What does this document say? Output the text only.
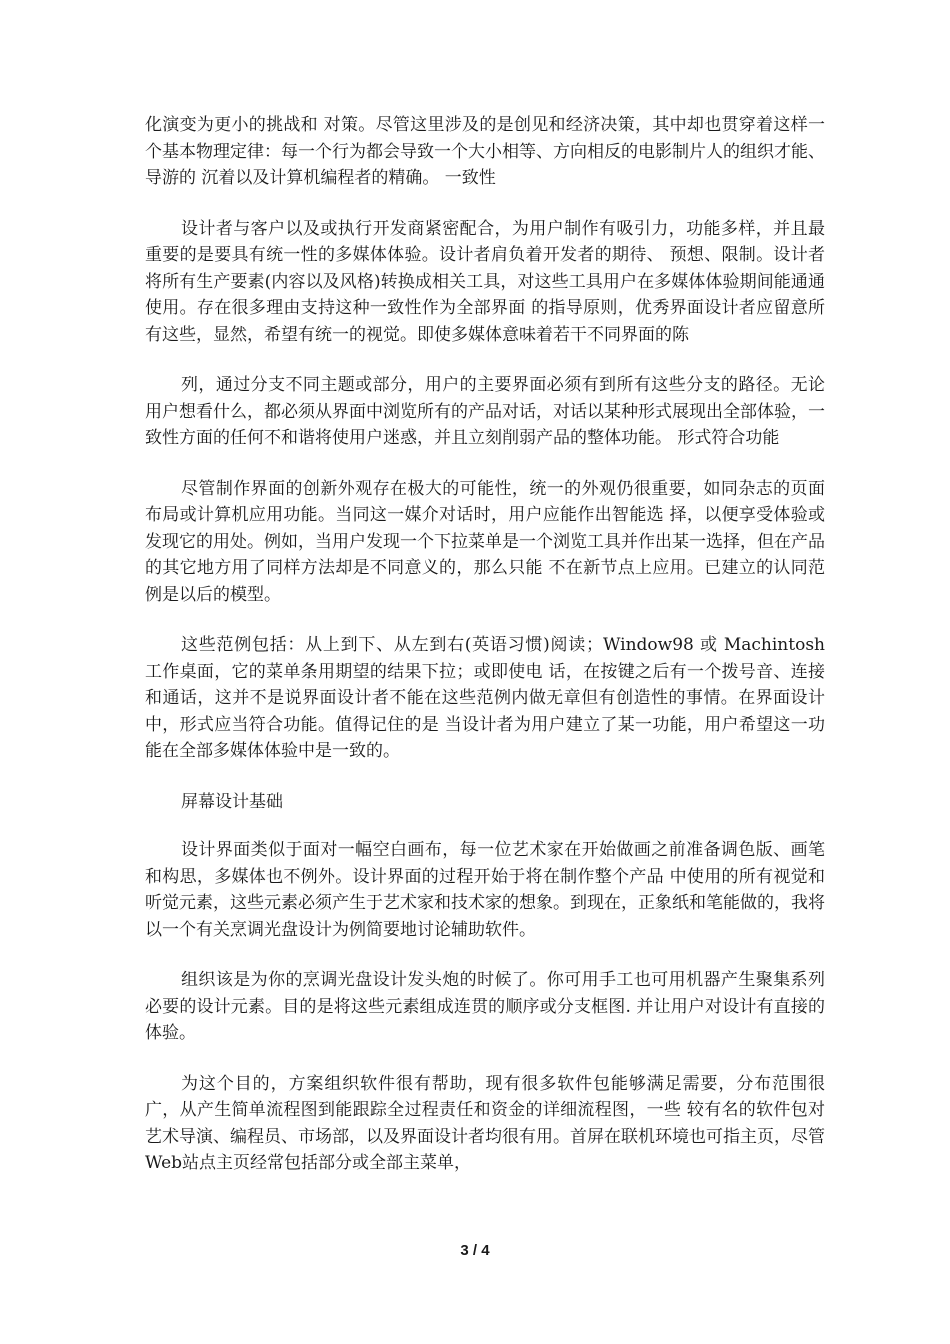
化演变为更小的挑战和 对策。尽管这里涉及的是创见和经济决策，其中却也贯穿着这样一个基本物理定律：每一个行为都会导致一个大小相等、方向相反的电影制片人的组织才能、导游的 沉着以及计算机编程者的精确。 一致性

设计者与客户以及或执行开发商紧密配合，为用户制作有吸引力，功能多样，并且最重要的是要具有统一性的多媒体体验。设计者肩负着开发者的期待、 预想、限制。设计者将所有生产要素(内容以及风格)转换成相关工具，对这些工具用户在多媒体体验期间能通通使用。存在很多理由支持这种一致性作为全部界面 的指导原则，优秀界面设计者应留意所有这些，显然，希望有统一的视觉。即使多媒体意味着若干不同界面的陈

列，通过分支不同主题或部分，用户的主要界面必须有到所有这些分支的路径。无论用户想看什么，都必须从界面中浏览所有的产品对话，对话以某种形式展现出全部体验，一致性方面的任何不和谐将使用户迷惑，并且立刻削弱产品的整体功能。 形式符合功能

尽管制作界面的创新外观存在极大的可能性，统一的外观仍很重要，如同杂志的页面布局或计算机应用功能。当同这一媒介对话时，用户应能作出智能选 择，以便享受体验或发现它的用处。例如，当用户发现一个下拉菜单是一个浏览工具并作出某一选择，但在产品的其它地方用了同样方法却是不同意义的，那么只能 不在新节点上应用。已建立的认同范例是以后的模型。

这些范例包括：从上到下、从左到右(英语习惯)阅读；Window98 或 Machintosh 工作桌面，它的菜单条用期望的结果下拉；或即使电 话，在按键之后有一个拨号音、连接和通话，这并不是说界面设计者不能在这些范例内做无章但有创造性的事情。在界面设计中，形式应当符合功能。值得记住的是 当设计者为用户建立了某一功能，用户希望这一功能在全部多媒体体验中是一致的。

屏幕设计基础

设计界面类似于面对一幅空白画布，每一位艺术家在开始做画之前准备调色版、画笔和构思，多媒体也不例外。设计界面的过程开始于将在制作整个产品 中使用的所有视觉和听觉元素，这些元素必须产生于艺术家和技术家的想象。到现在，正象纸和笔能做的，我将以一个有关烹调光盘设计为例简要地讨论辅助软件。

组织该是为你的烹调光盘设计发头炮的时候了。你可用手工也可用机器产生聚集系列必要的设计元素。目的是将这些元素组成连贯的顺序或分支框图. 并让用户对设计有直接的体验。

为这个目的，方案组织软件很有帮助，现有很多软件包能够满足需要，分布范围很广，从产生简单流程图到能跟踪全过程责任和资金的详细流程图，一些 较有名的软件包对艺术导演、编程员、市场部，以及界面设计者均很有用。首屏在联机环境也可指主页，尽管Web站点主页经常包括部分或全部主菜单，

3 / 4
